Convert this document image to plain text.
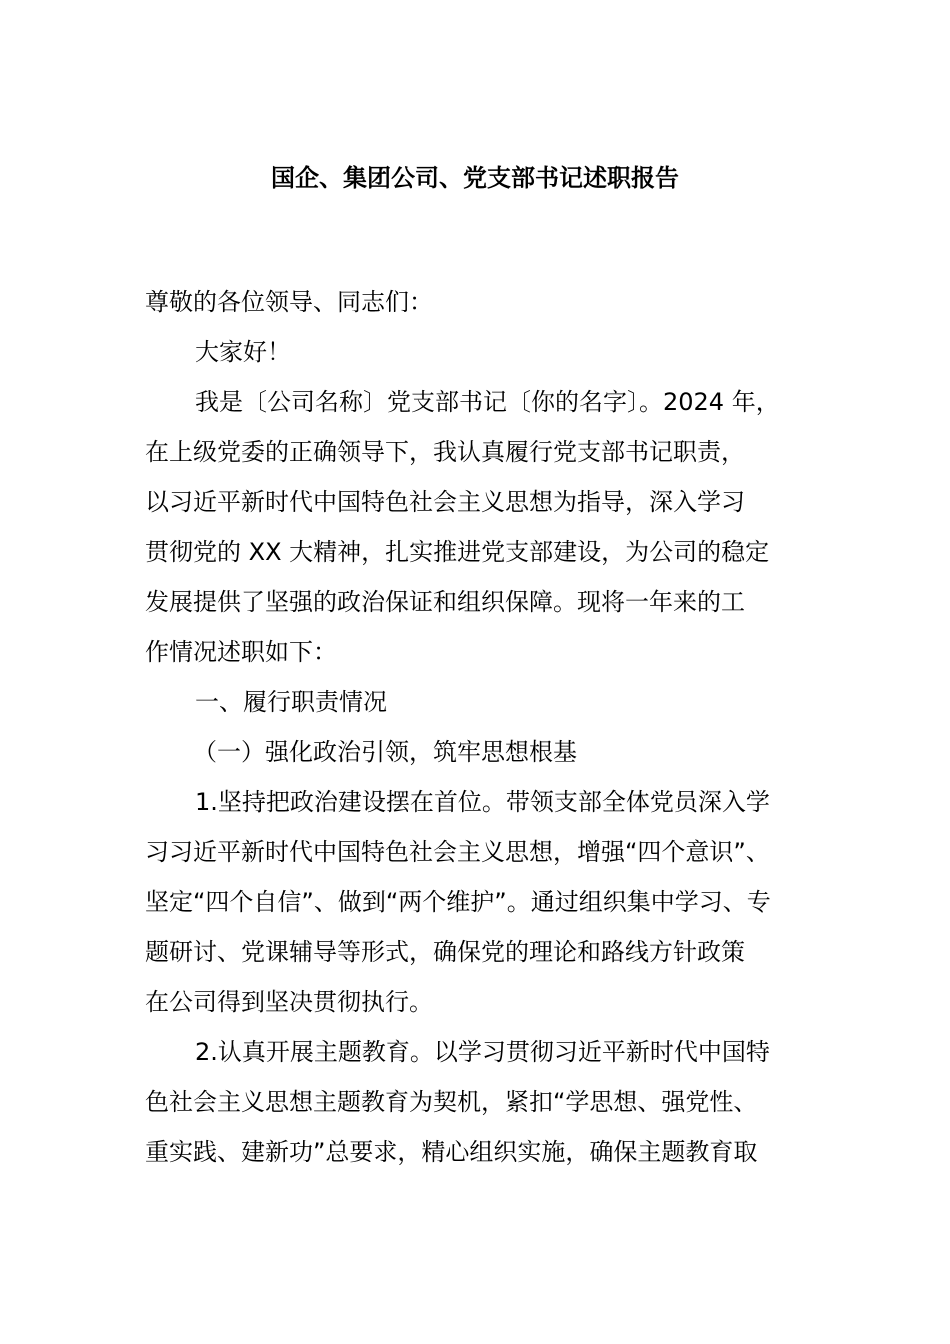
国企、集团公司、党支部书记述职报告

尊敬的各位领导、同志们：

大家好！

我是〔公司名称〕党支部书记〔你的名字〕。2024 年，

在上级党委的正确领导下，我认真履行党支部书记职责，

以习近平新时代中国特色社会主义思想为指导，深入学习

贯彻党的 XX 大精神，扎实推进党支部建设，为公司的稳定

发展提供了坚强的政治保证和组织保障。现将一年来的工

作情况述职如下：

一、履行职责情况

（一）强化政治引领，筑牢思想根基

1.坚持把政治建设摆在首位。带领支部全体党员深入学

习习近平新时代中国特色社会主义思想，增强“四个意识”、

坚定“四个自信”、做到“两个维护”。通过组织集中学习、专

题研讨、党课辅导等形式，确保党的理论和路线方针政策

在公司得到坚决贯彻执行。

2.认真开展主题教育。以学习贯彻习近平新时代中国特

色社会主义思想主题教育为契机，紧扣“学思想、强党性、

重实践、建新功”总要求，精心组织实施，确保主题教育取
